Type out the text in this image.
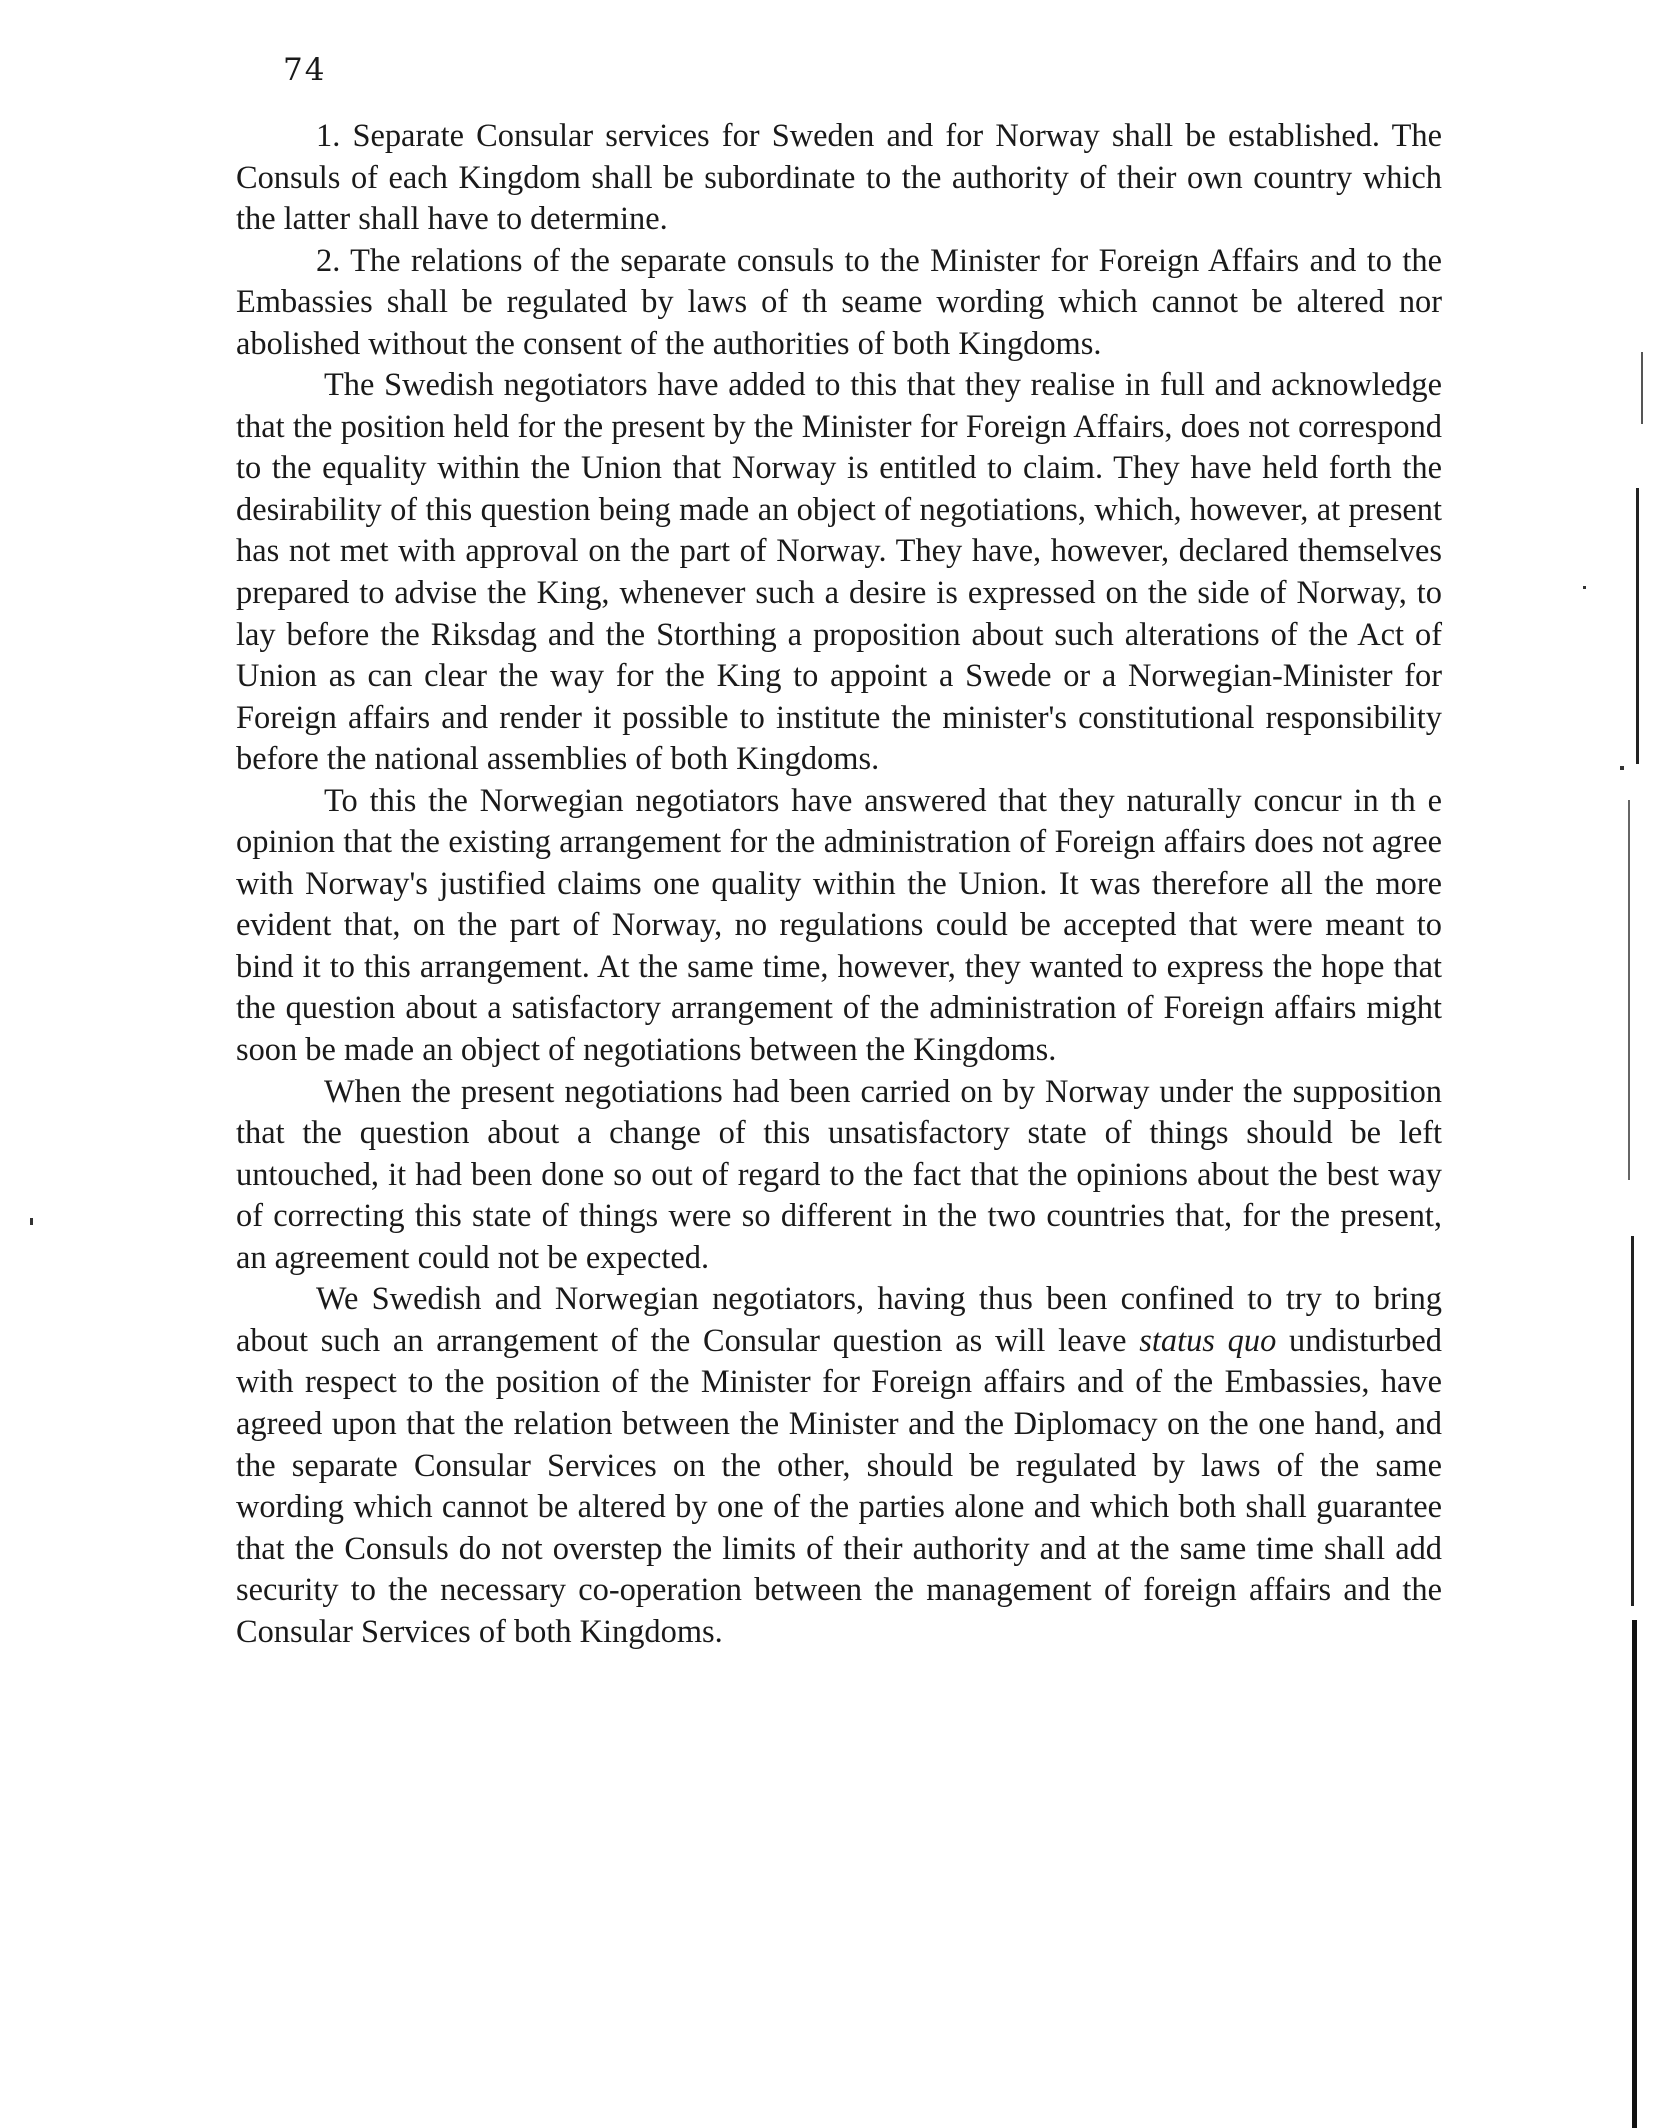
74

1. Separate Consular services for Sweden and for Norway shall be established. The Consuls of each Kingdom shall be subordinate to the authority of their own country which the latter shall have to determine.

2. The relations of the separate consuls to the Minister for Foreign Affairs and to the Embassies shall be regulated by laws of th seame wording which cannot be altered nor abolished without the consent of the authorities of both Kingdoms.

The Swedish negotiators have added to this that they realise in full and acknowledge that the position held for the present by the Minister for Foreign Affairs, does not correspond to the equality within the Union that Norway is entitled to claim. They have held forth the desirability of this question being made an object of negotiations, which, however, at present has not met with approval on the part of Norway. They have, however, declared themselves prepared to advise the King, whenever such a desire is expressed on the side of Norway, to lay before the Riksdag and the Storthing a proposition about such alterations of the Act of Union as can clear the way for the King to appoint a Swede or a Norwegian-Minister for Foreign affairs and render it possible to institute the minister's constitutional responsibility before the national assemblies of both Kingdoms.

To this the Norwegian negotiators have answered that they naturally concur in th e opinion that the existing arrangement for the administration of Foreign affairs does not agree with Norway's justified claims one quality within the Union. It was therefore all the more evident that, on the part of Norway, no regulations could be accepted that were meant to bind it to this arrangement. At the same time, however, they wanted to express the hope that the question about a satisfactory arrangement of the administration of Foreign affairs might soon be made an object of negotiations between the Kingdoms.

When the present negotiations had been carried on by Norway under the supposition that the question about a change of this unsatisfactory state of things should be left untouched, it had been done so out of regard to the fact that the opinions about the best way of correcting this state of things were so different in the two countries that, for the present, an agreement could not be expected.

We Swedish and Norwegian negotiators, having thus been confined to try to bring about such an arrangement of the Consular question as will leave status quo undisturbed with respect to the position of the Minister for Foreign affairs and of the Embassies, have agreed upon that the relation between the Minister and the Diplomacy on the one hand, and the separate Consular Services on the other, should be regulated by laws of the same wording which cannot be altered by one of the parties alone and which both shall guarantee that the Consuls do not overstep the limits of their authority and at the same time shall add security to the necessary co-operation between the management of foreign affairs and the Consular Services of both Kingdoms.
